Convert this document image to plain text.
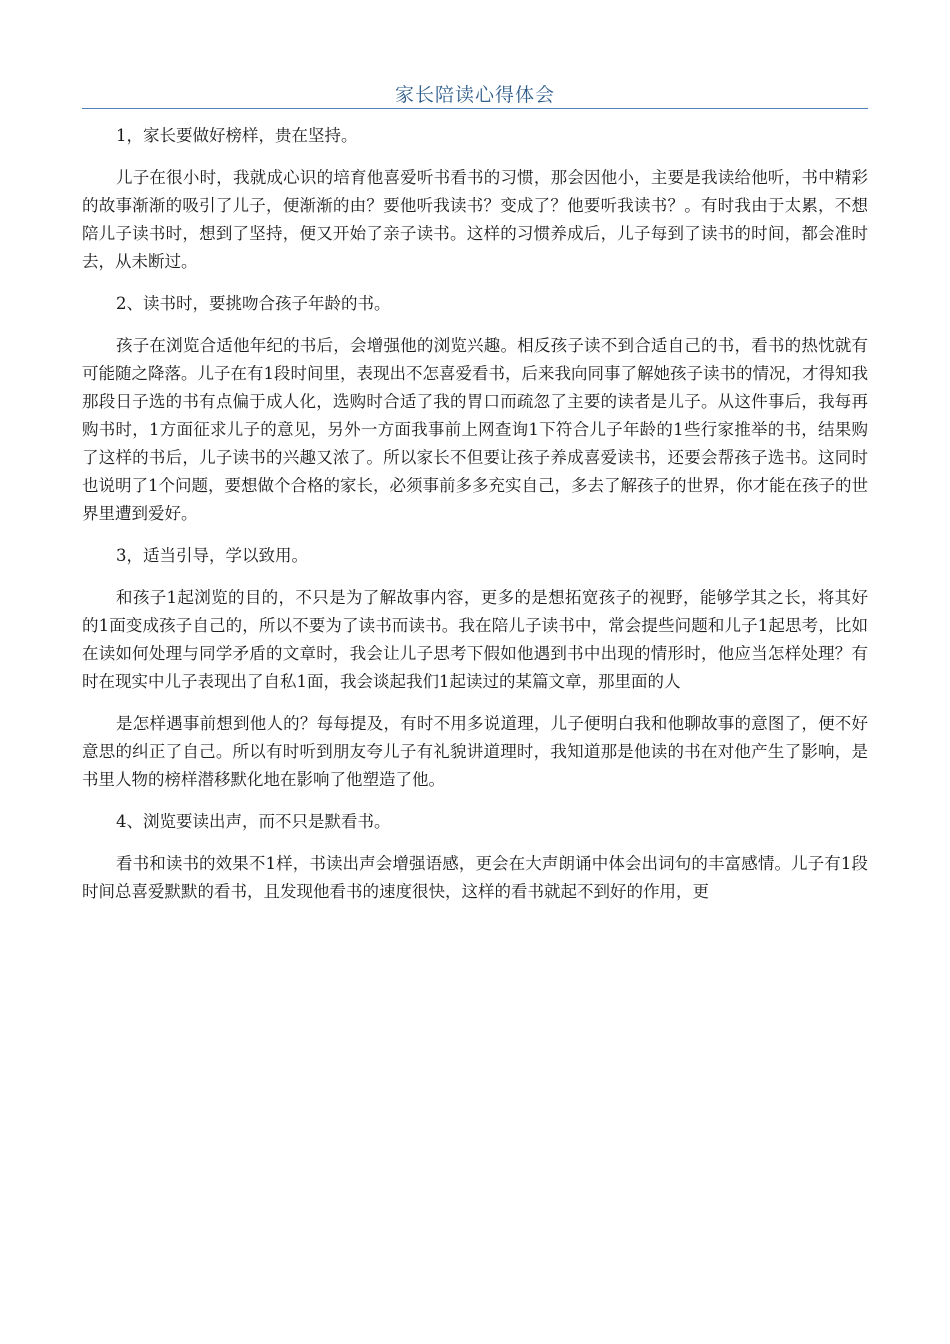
家长陪读心得体会

1，家长要做好榜样，贵在坚持。

儿子在很小时，我就成心识的培育他喜爱听书看书的习惯，那会因他小，主要是我读给他听，书中精彩的故事渐渐的吸引了儿子，便渐渐的由？要他听我读书？变成了？他要听我读书？。有时我由于太累，不想陪儿子读书时，想到了坚持，便又开始了亲子读书。这样的习惯养成后，儿子每到了读书的时间，都会准时去，从未断过。

2、读书时，要挑吻合孩子年龄的书。

孩子在浏览合适他年纪的书后，会增强他的浏览兴趣。相反孩子读不到合适自己的书，看书的热忱就有可能随之降落。儿子在有1段时间里，表现出不怎喜爱看书，后来我向同事了解她孩子读书的情况，才得知我那段日子选的书有点偏于成人化，选购时合适了我的胃口而疏忽了主要的读者是儿子。从这件事后，我每再购书时，1方面征求儿子的意见，另外一方面我事前上网查询1下符合儿子年龄的1些行家推举的书，结果购了这样的书后，儿子读书的兴趣又浓了。所以家长不但要让孩子养成喜爱读书，还要会帮孩子选书。这同时也说明了1个问题，要想做个合格的家长，必须事前多多充实自己，多去了解孩子的世界，你才能在孩子的世界里遭到爱好。

3，适当引导，学以致用。

和孩子1起浏览的目的，不只是为了解故事内容，更多的是想拓宽孩子的视野，能够学其之长，将其好的1面变成孩子自己的，所以不要为了读书而读书。我在陪儿子读书中，常会提些问题和儿子1起思考，比如在读如何处理与同学矛盾的文章时，我会让儿子思考下假如他遇到书中出现的情形时，他应当怎样处理？有时在现实中儿子表现出了自私1面，我会谈起我们1起读过的某篇文章，那里面的人

是怎样遇事前想到他人的？每每提及，有时不用多说道理，儿子便明白我和他聊故事的意图了，便不好意思的纠正了自己。所以有时听到朋友夸儿子有礼貌讲道理时，我知道那是他读的书在对他产生了影响，是书里人物的榜样潜移默化地在影响了他塑造了他。

4、浏览要读出声，而不只是默看书。

看书和读书的效果不1样，书读出声会增强语感，更会在大声朗诵中体会出词句的丰富感情。儿子有1段时间总喜爱默默的看书，且发现他看书的速度很快，这样的看书就起不到好的作用，更
